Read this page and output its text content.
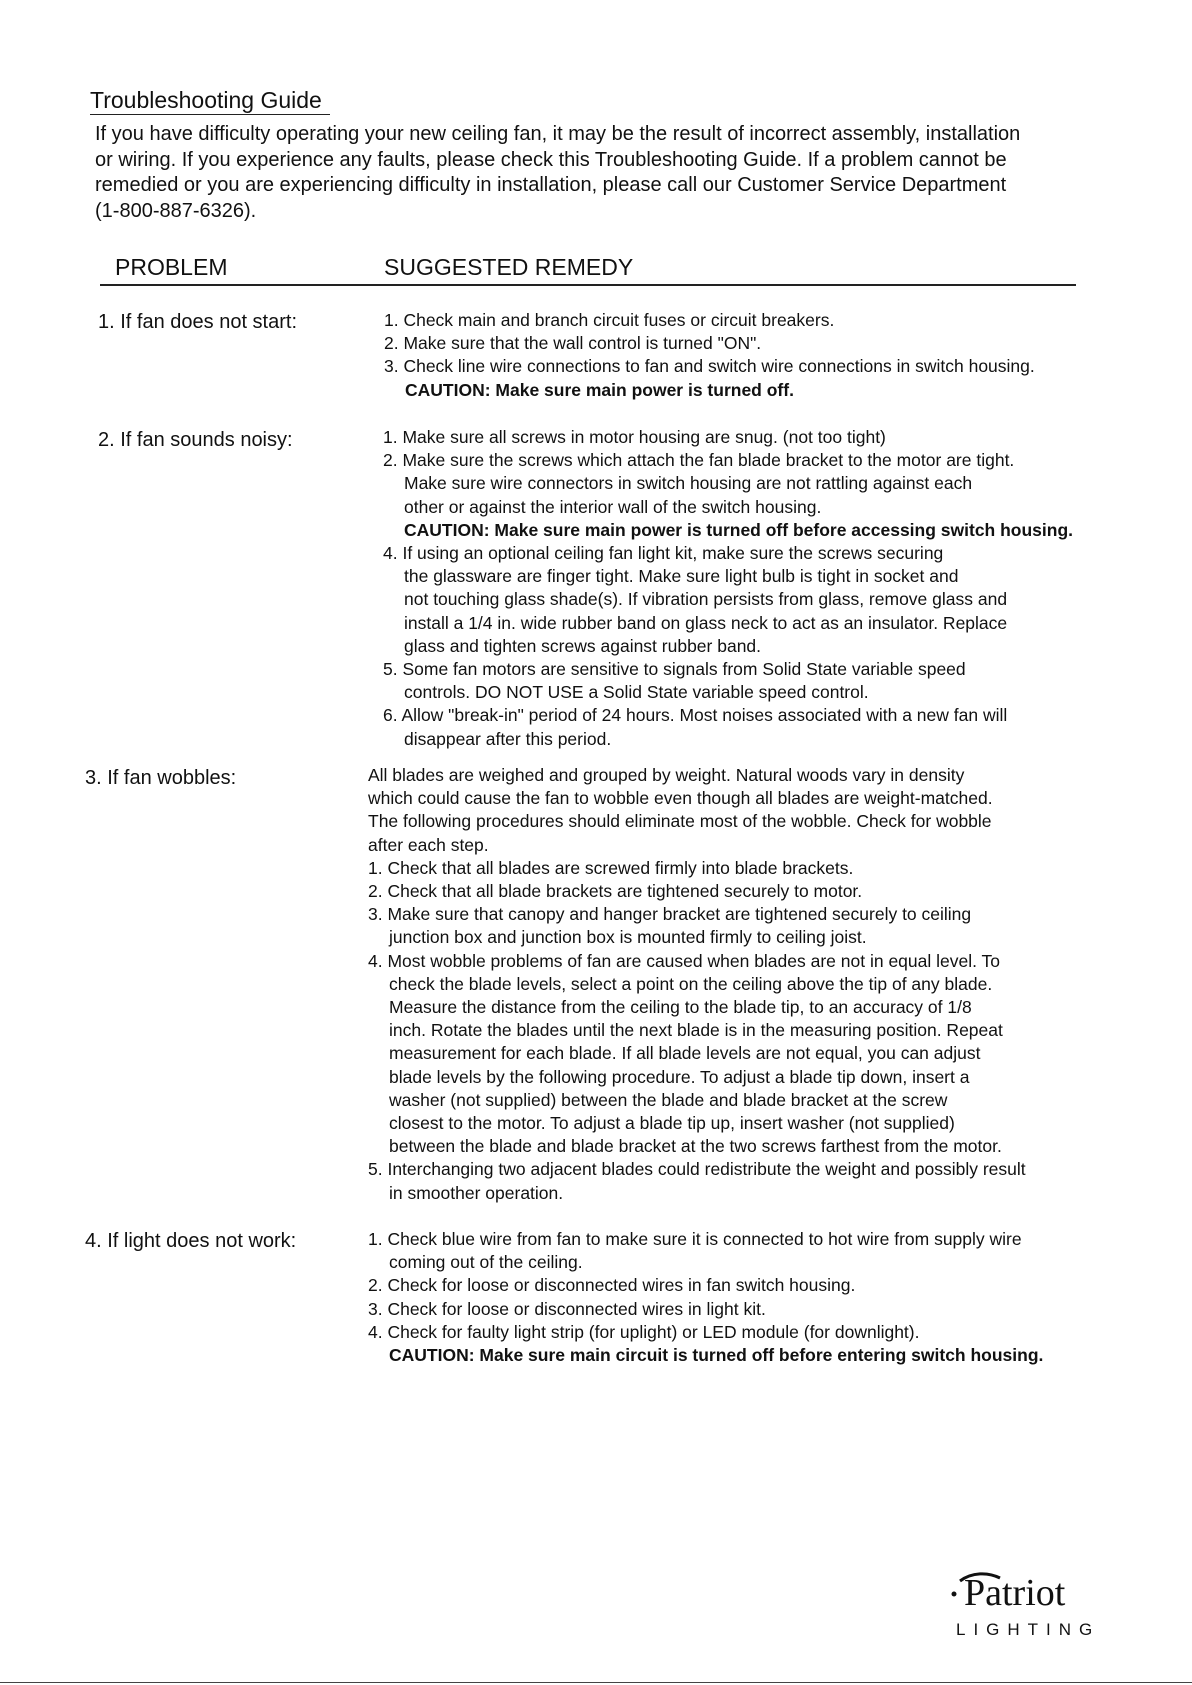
Troubleshooting Guide
If you have difficulty operating your new ceiling fan, it may be the result of incorrect assembly, installation
or wiring. If you experience any faults, please check this Troubleshooting Guide. If a problem cannot be
remedied or you are experiencing difficulty in installation, please call our Customer Service Department
(1-800-887-6326).
PROBLEM	SUGGESTED REMEDY
1. If fan does not start:
2. If fan sounds noisy:
3. If fan wobbles:
4. If light does not work:
1. Check main and branch circuit fuses or circuit breakers.
2. Make sure that the wall control is turned "ON".
3. Check line wire connections to fan and switch wire connections in switch housing.
CAUTION: Make sure main power is turned off.
1. Make sure all screws in motor housing are snug. (not too tight)
2. Make sure the screws which attach the fan blade bracket to the motor are tight.
Make sure wire connectors in switch housing are not rattling against each
other or against the interior wall of the switch housing.
CAUTION: Make sure main power is turned off before accessing switch housing.
4. If using an optional ceiling fan light kit, make sure the screws securing
the glassware are finger tight. Make sure light bulb is tight in socket and
not touching glass shade(s). If vibration persists from glass, remove glass and
install a 1/4 in. wide rubber band on glass neck to act as an insulator. Replace
glass and tighten screws against rubber band.
5. Some fan motors are sensitive to signals from Solid State variable speed
controls. DO NOT USE a Solid State variable speed control.
6. Allow "break-in" period of 24 hours. Most noises associated with a new fan will
disappear after this period.
All blades are weighed and grouped by weight. Natural woods vary in density
which could cause the fan to wobble even though all blades are weight-matched.
The following procedures should eliminate most of the wobble. Check for wobble
after each step.
1. Check that all blades are screwed firmly into blade brackets.
2. Check that all blade brackets are tightened securely to motor.
3. Make sure that canopy and hanger bracket are tightened securely to ceiling
junction box and junction box is mounted firmly to ceiling joist.
4. Most wobble problems of fan are caused when blades are not in equal level. To
check the blade levels, select a point on the ceiling above the tip of any blade.
Measure the distance from the ceiling to the blade tip, to an accuracy of 1/8
inch. Rotate the blades until the next blade is in the measuring position. Repeat
measurement for each blade. If all blade levels are not equal, you can adjust
blade levels by the following procedure. To adjust a blade tip down, insert a
washer (not supplied) between the blade and blade bracket at the screw
closest to the motor. To adjust a blade tip up, insert washer (not supplied)
between the blade and blade bracket at the two screws farthest from the motor.
5. Interchanging two adjacent blades could redistribute the weight and possibly result
in smoother operation.
1. Check blue wire from fan to make sure it is connected to hot wire from supply wire
coming out of the ceiling.
2. Check for loose or disconnected wires in fan switch housing.
3. Check for loose or disconnected wires in light kit.
4. Check for faulty light strip (for uplight) or LED module (for downlight).
CAUTION: Make sure main circuit is turned off before entering switch housing.
Patriot
LIGHTING
